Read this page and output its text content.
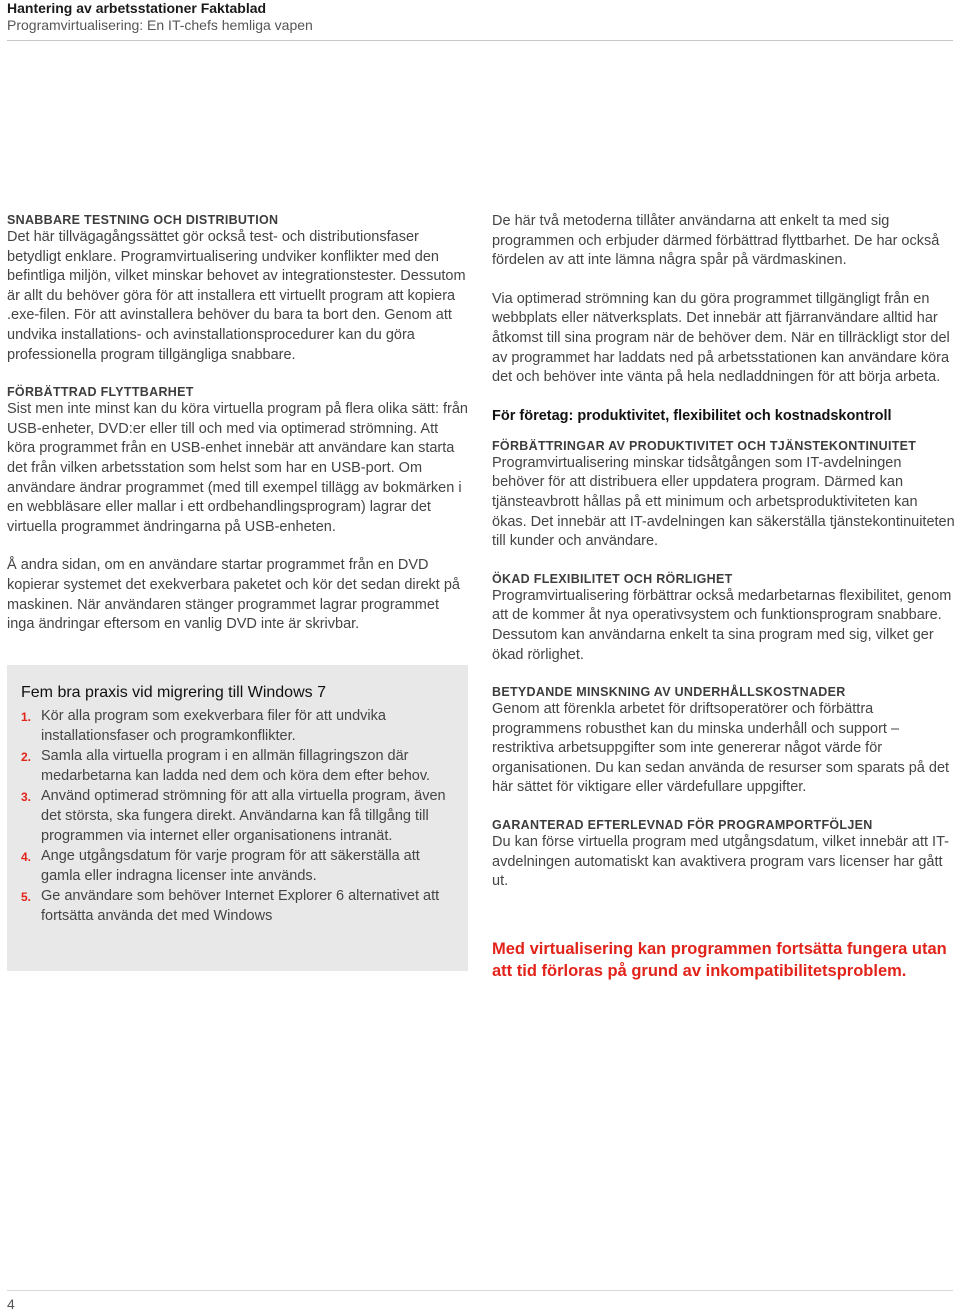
Hantering av arbetsstationer Faktablad
Programvirtualisering: En IT-chefs hemliga vapen

SNABBARE TESTNING OCH DISTRIBUTION

Det här tillvägagångssättet gör också test- och distributionsfaser betydligt enklare. Programvirtualisering undviker konflikter med den befintliga miljön, vilket minskar behovet av integrationstester. Dessutom är allt du behöver göra för att installera ett virtuellt program att kopiera .exe-filen. För att avinstallera behöver du bara ta bort den. Genom att undvika installations- och avinstallationsprocedurer kan du göra professionella program tillgängliga snabbare.

FÖRBÄTTRAD FLYTTBARHET

Sist men inte minst kan du köra virtuella program på flera olika sätt: från USB-enheter, DVD:er eller till och med via optimerad strömning. Att köra programmet från en USB-enhet innebär att användare kan starta det från vilken arbetsstation som helst som har en USB-port. Om användare ändrar programmet (med till exempel tillägg av bokmärken i en webbläsare eller mallar i ett ordbehandlingsprogram) lagrar det virtuella programmet ändringarna på USB-enheten.

Å andra sidan, om en användare startar programmet från en DVD kopierar systemet det exekverbara paketet och kör det sedan direkt på maskinen. När användaren stänger programmet lagrar programmet inga ändringar eftersom en vanlig DVD inte är skrivbar.

Fem bra praxis vid migrering till Windows 7
1. Kör alla program som exekverbara filer för att undvika installationsfaser och programkonflikter.
2. Samla alla virtuella program i en allmän fillagringszon där medarbetarna kan ladda ned dem och köra dem efter behov.
3. Använd optimerad strömning för att alla virtuella program, även det största, ska fungera direkt. Användarna kan få tillgång till programmen via internet eller organisationens intranät.
4. Ange utgångsdatum för varje program för att säkerställa att gamla eller indragna licenser inte används.
5. Ge användare som behöver Internet Explorer 6 alternativet att fortsätta använda det med Windows

De här två metoderna tillåter användarna att enkelt ta med sig programmen och erbjuder därmed förbättrad flyttbarhet. De har också fördelen av att inte lämna några spår på värdmaskinen.

Via optimerad strömning kan du göra programmet tillgängligt från en webbplats eller nätverksplats. Det innebär att fjärranvändare alltid har åtkomst till sina program när de behöver dem. När en tillräckligt stor del av programmet har laddats ned på arbetsstationen kan användare köra det och behöver inte vänta på hela nedladdningen för att börja arbeta.

För företag: produktivitet, flexibilitet och kostnadskontroll

FÖRBÄTTRINGAR AV PRODUKTIVITET OCH TJÄNSTEKONTINUITET

Programvirtualisering minskar tidsåtgången som IT-avdelningen behöver för att distribuera eller uppdatera program. Därmed kan tjänsteavbrott hållas på ett minimum och arbetsproduktiviteten kan ökas. Det innebär att IT-avdelningen kan säkerställa tjänstekontinuiteten till kunder och användare.

ÖKAD FLEXIBILITET OCH RÖRLIGHET

Programvirtualisering förbättrar också medarbetarnas flexibilitet, genom att de kommer åt nya operativsystem och funktionsprogram snabbare. Dessutom kan användarna enkelt ta sina program med sig, vilket ger ökad rörlighet.

BETYDANDE MINSKNING AV UNDERHÅLLSKOSTNADER

Genom att förenkla arbetet för driftsoperatörer och förbättra programmens robusthet kan du minska underhåll och support – restriktiva arbetsuppgifter som inte genererar något värde för organisationen. Du kan sedan använda de resurser som sparats på det här sättet för viktigare eller värdefullare uppgifter.

GARANTERAD EFTERLEVNAD FÖR PROGRAMPORTFÖLJEN

Du kan förse virtuella program med utgångsdatum, vilket innebär att IT-avdelningen automatiskt kan avaktivera program vars licenser har gått ut.

Med virtualisering kan programmen fortsätta fungera utan att tid förloras på grund av inkompatibilitetsproblem.

4
